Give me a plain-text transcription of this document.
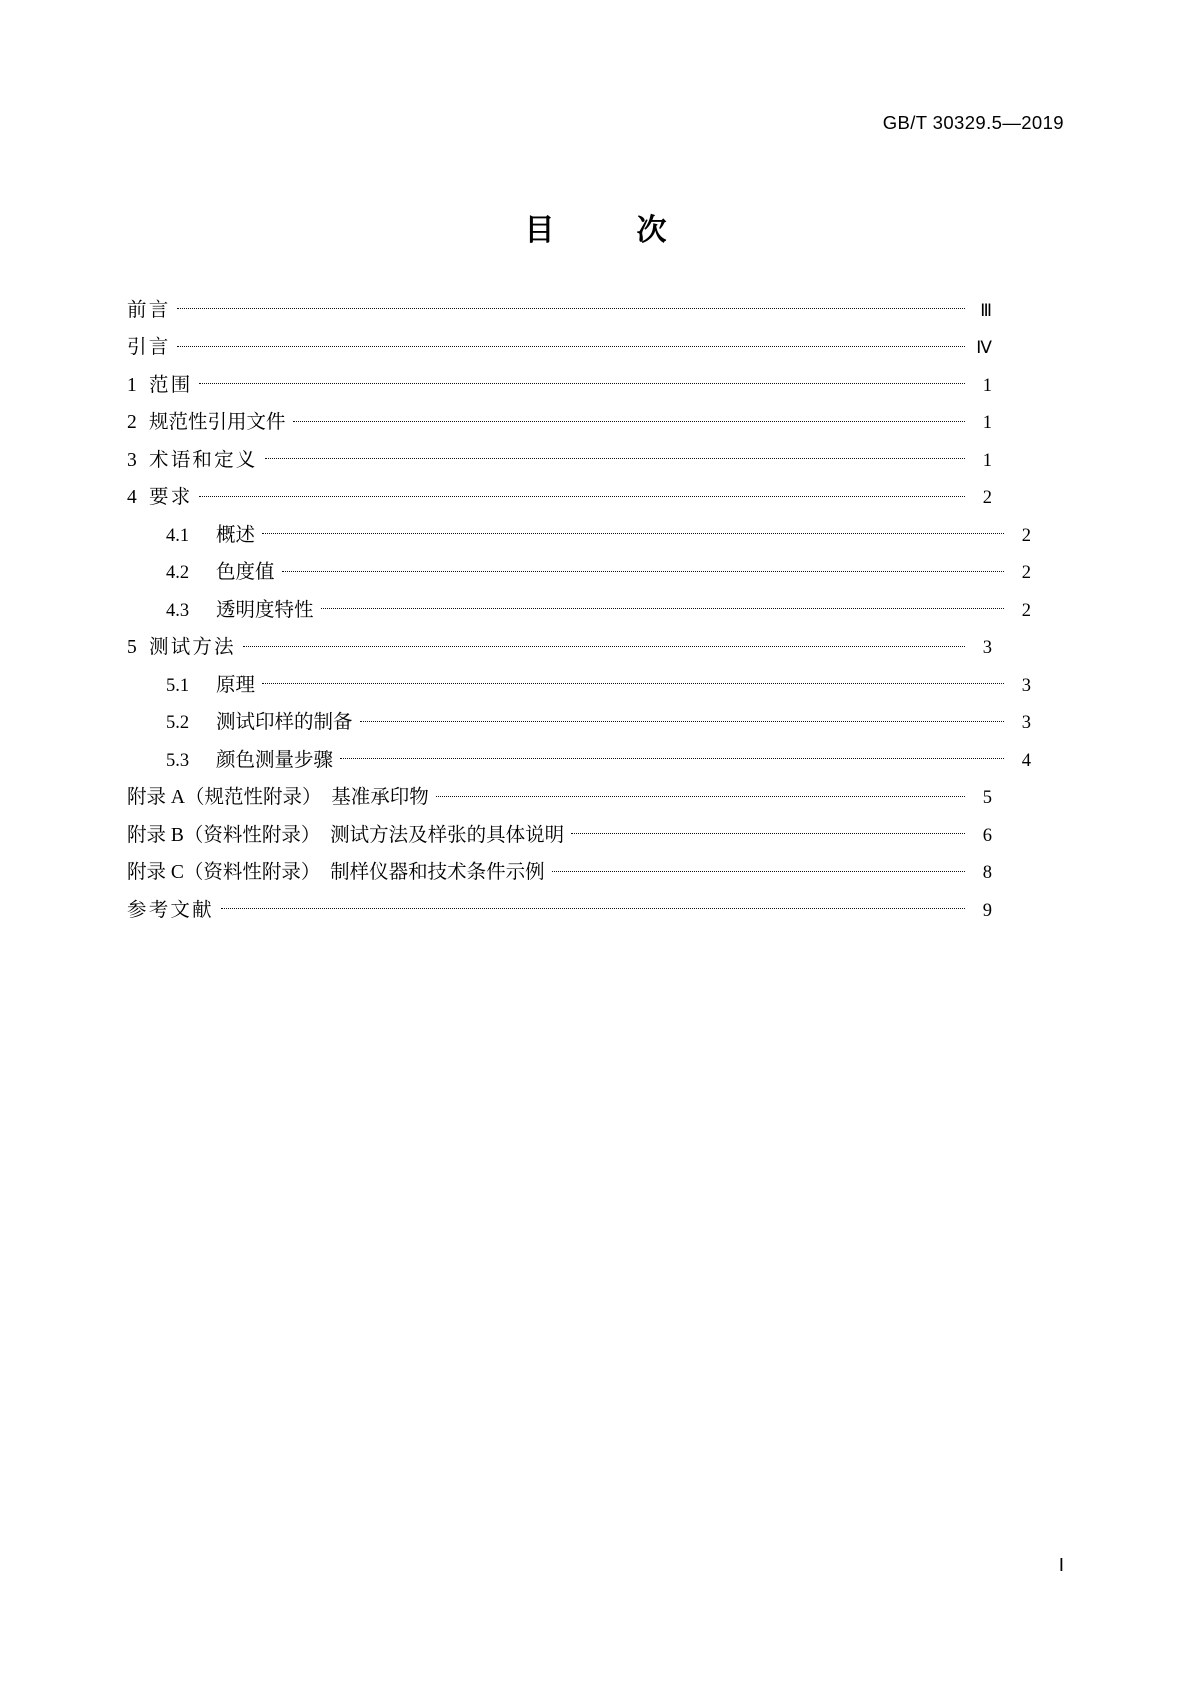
GB/T 30329.5—2019
目　次
前言	Ⅲ
引言	Ⅳ
1 范围	1
2 规范性引用文件	1
3 术语和定义	1
4 要求	2
4.1	概述	2
4.2	色度值	2
4.3	透明度特性	2
5 测试方法	3
5.1	原理	3
5.2	测试印样的制备	3
5.3	颜色测量步骤	4
附录 A（规范性附录）　基准承印物	5
附录 B（资料性附录）　测试方法及样张的具体说明	6
附录 C（资料性附录）　制样仪器和技术条件示例	8
参考文献	9
Ⅰ
